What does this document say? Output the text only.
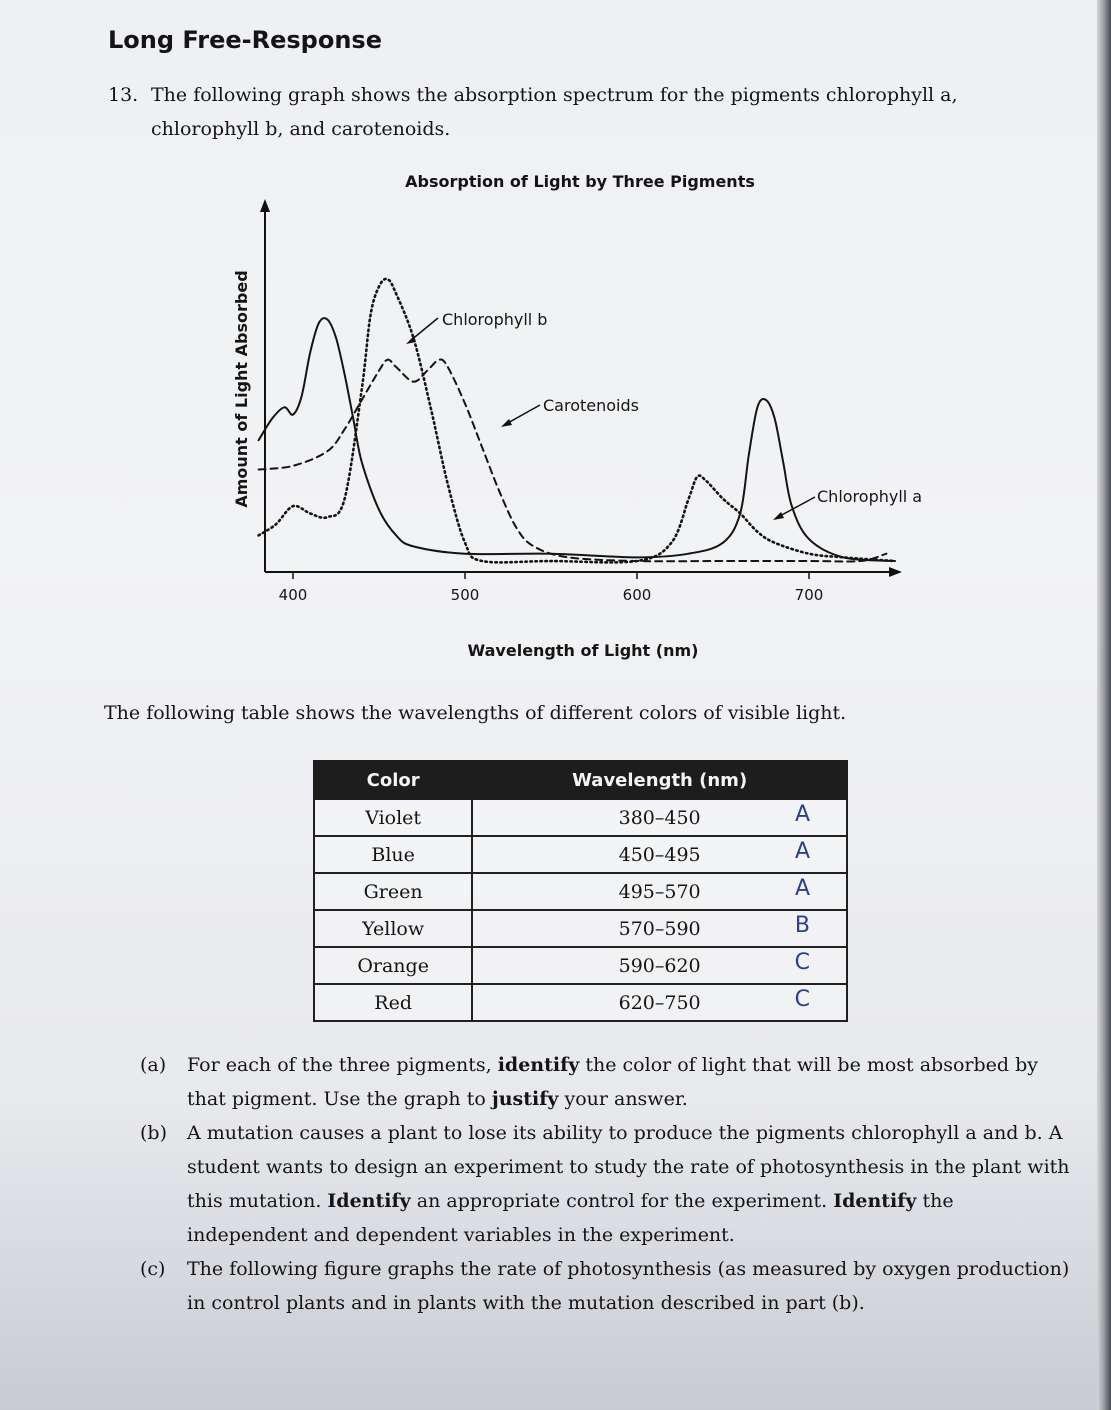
Long Free-Response
13. The following graph shows the absorption spectrum for the pigments chlorophyll a, chlorophyll b, and carotenoids.
Absorption of Light by Three Pigments
400	500	600	700
Amount of Light Absorbed
Wavelength of Light (nm)
Chlorophyll b
Carotenoids
Chlorophyll a
The following table shows the wavelengths of different colors of visible light.
Color	Wavelength (nm)
Violet	380–450 A

Blue	450–495 A

Green	495–570 A

Yellow	570–590 B

Orange	590–620 C

Red	620–750 C
(a) For each of the three pigments, identify the color of light that will be most absorbed by that pigment. Use the graph to justify your answer.
(b) A mutation causes a plant to lose its ability to produce the pigments chlorophyll a and b. A student wants to design an experiment to study the rate of photosynthesis in the plant with this mutation. Identify an appropriate control for the experiment. Identify the independent and dependent variables in the experiment.
(c) The following figure graphs the rate of photosynthesis (as measured by oxygen production) in control plants and in plants with the mutation described in part (b).
